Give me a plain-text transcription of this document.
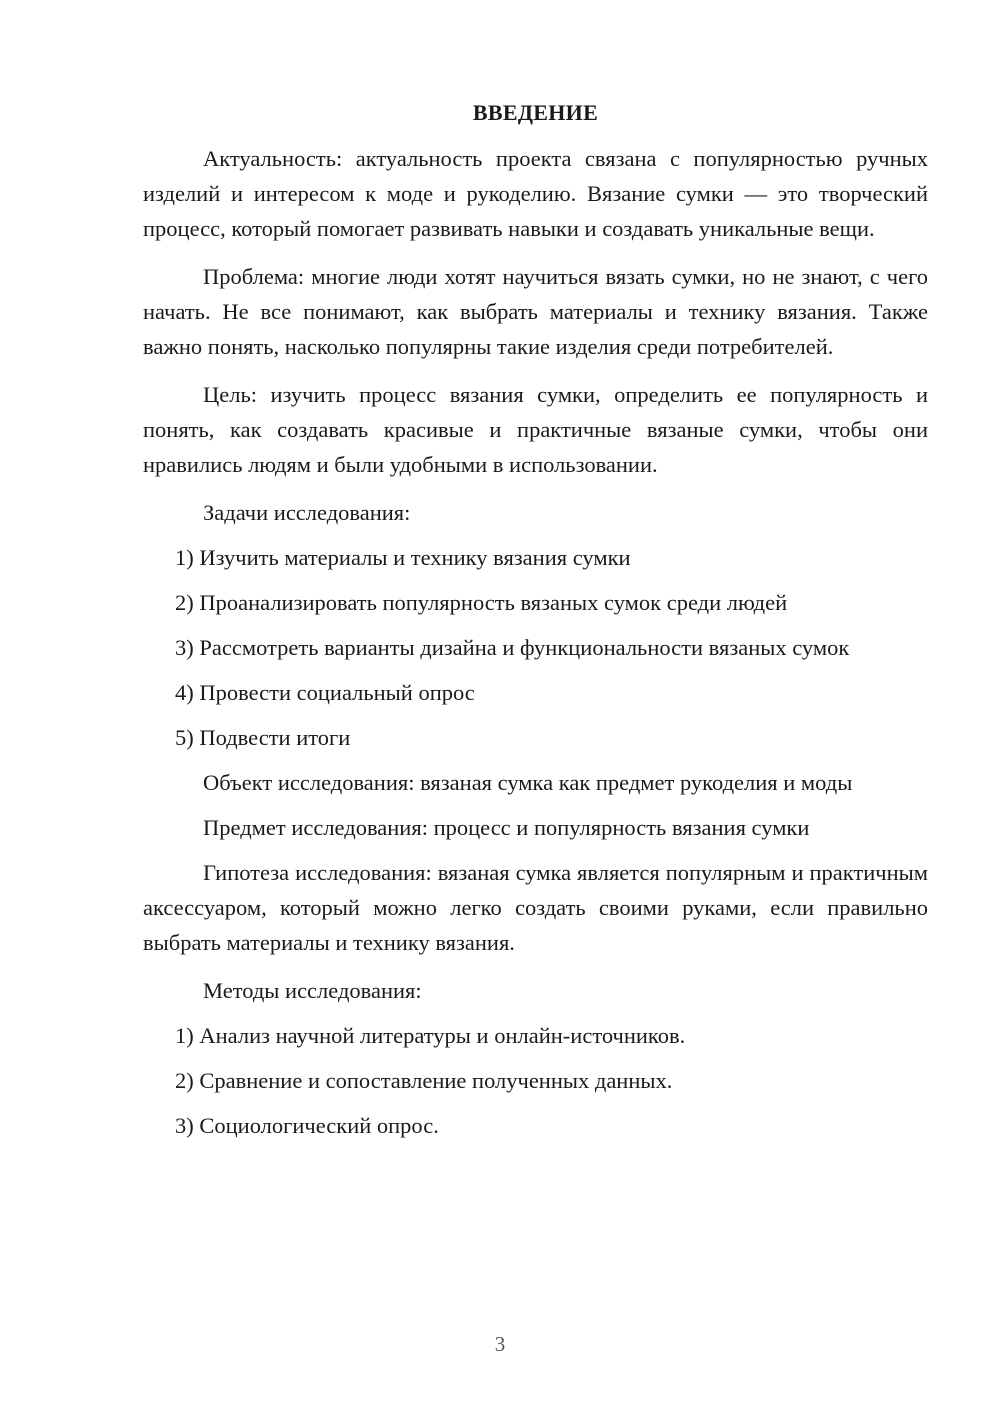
ВВЕДЕНИЕ

Актуальность: актуальность проекта связана с популярностью ручных изделий и интересом к моде и рукоделию. Вязание сумки — это творческий процесс, который помогает развивать навыки и создавать уникальные вещи.

Проблема: многие люди хотят научиться вязать сумки, но не знают, с чего начать. Не все понимают, как выбрать материалы и технику вязания. Также важно понять, насколько популярны такие изделия среди потребителей.

Цель: изучить процесс вязания сумки, определить ее популярность и понять, как создавать красивые и практичные вязаные сумки, чтобы они нравились людям и были удобными в использовании.

Задачи исследования:

1) Изучить материалы и технику вязания сумки

2) Проанализировать популярность вязаных сумок среди людей

3) Рассмотреть варианты дизайна и функциональности вязаных сумок

4) Провести социальный опрос

5) Подвести итоги

Объект исследования: вязаная сумка как предмет рукоделия и моды

Предмет исследования: процесс и популярность вязания сумки

Гипотеза исследования: вязаная сумка является популярным и практичным аксессуаром, который можно легко создать своими руками, если правильно выбрать материалы и технику вязания.

Методы исследования:

1) Анализ научной литературы и онлайн-источников.

2) Сравнение и сопоставление полученных данных.

3) Социологический опрос.

3
